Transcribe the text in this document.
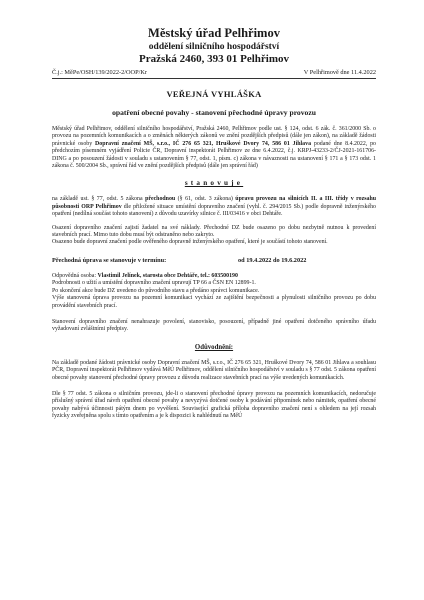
Městský úřad Pelhřimov
oddělení silničního hospodářství
Pražská 2460, 393 01 Pelhřimov
Č.j.: MěPe/OSH/139/2022-2/OOP/Kr	V Pelhřimově dne 11.4.2022
VEŘEJNÁ VYHLÁŠKA
opatření obecné povahy - stanovení přechodné úpravy provozu

Městský úřad Pelhřimov, oddělení silničního hospodářství, Pražská 2460, Pelhřimov podle ust. § 124, odst. 6 zák. č. 361/2000 Sb. o provozu na pozemních komunikacích a o změnách některých zákonů ve znění pozdějších předpisů (dále jen zákon), na základě žádosti právnické osoby Dopravní značení MŠ, s.r.o., IČ 276 65 321, Hruškové Dvory 74, 586 01 Jihlava podané dne 8.4.2022, po předchozím písemném vyjádření Policie ČR, Dopravní inspektorát Pelhřimov ze dne 6.4.2022, č.j. KRPJ-43233-2/ČJ-2021-161706-DING a po posouzení žádosti v souladu s ustanovením § 77, odst. 1, písm. c) zákona v návaznosti na ustanovení § 171 a § 173 odst. 1 zákona č. 500/2004 Sb., správní řád ve znění pozdějších předpisů (dále jen správní řád)

stanovuje

na základě ust. § 77, odst. 5 zákona přechodnou (§ 61, odst. 3 zákona) úpravu provozu na silnicích II. a III. třídy v rozsahu působnosti ORP Pelhřimov dle přiložené situace umístění dopravního značení (vyhl. č. 294/2015 Sb.) podle dopravně inženýrského opatření (nedílná součást tohoto stanovení) z důvodu uzavírky silnice č. III/03416 v obci Dehtáře.

Osazení dopravního značení zajistí žadatel na své náklady. Přechodné DZ bude osazeno po dobu nezbytně nutnou k provedení stavebních prací. Mimo tuto dobu musí být odstraněno nebo zakryto.

Osazeno bude dopravní značení podle ověřeného dopravně inženýrského opatření, které je součástí tohoto stanovení.

Přechodná úprava se stanovuje v termínu:	od 19.4.2022 do 19.6.2022

Odpovědná osoba: Vlastimil Jelínek, starosta obce Dehtáře, tel.: 603500190

Podrobnosti o užití a umístění dopravního značení upravují TP 66 a ČSN EN 12899-1.

Po skončení akce bude DZ uvedeno do původního stavu a předáno správci komunikace.

Výše stanovená úprava provozu na pozemní komunikaci vychází ze zajištění bezpečnosti a plynulosti silničního provozu po dobu provádění stavebních prací.

Stanovení dopravního značení nenahrazuje povolení, stanovisko, posouzení, případně jiné opatření dotčeného správního úřadu vyžadovaní zvláštními předpisy.

Odůvodnění:

Na základě podané žádosti právnické osoby Dopravní značení MŠ, s.r.o., IČ 276 65 321, Hruškové Dvory 74, 586 01 Jihlava a souhlasu PČR, Dopravní inspektorát Pelhřimov vydává MěÚ Pelhřimov, oddělení silničního hospodářství v souladu s § 77 odst. 5 zákona opatření obecné povahy stanovení přechodné úpravy provozu z důvodu realizace stavebních prací na výše uvedených komunikacích.

Dle § 77 odst. 5 zákona o silničním provozu, jde-li o stanovení přechodné úpravy provozu na pozemních komunikacích, nedoručuje příslušný správní úřad návrh opatření obecné povahy a nevyzývá dotčené osoby k podávání připomínek nebo námitek, opatření obecné povahy nabývá účinnosti pátým dnem po vyvěšení. Související grafická příloha dopravního značení není s ohledem na její rozsah fyzicky zveřejněna spolu s tímto opatřením a je k dispozici k nahlédnutí na MěÚ
